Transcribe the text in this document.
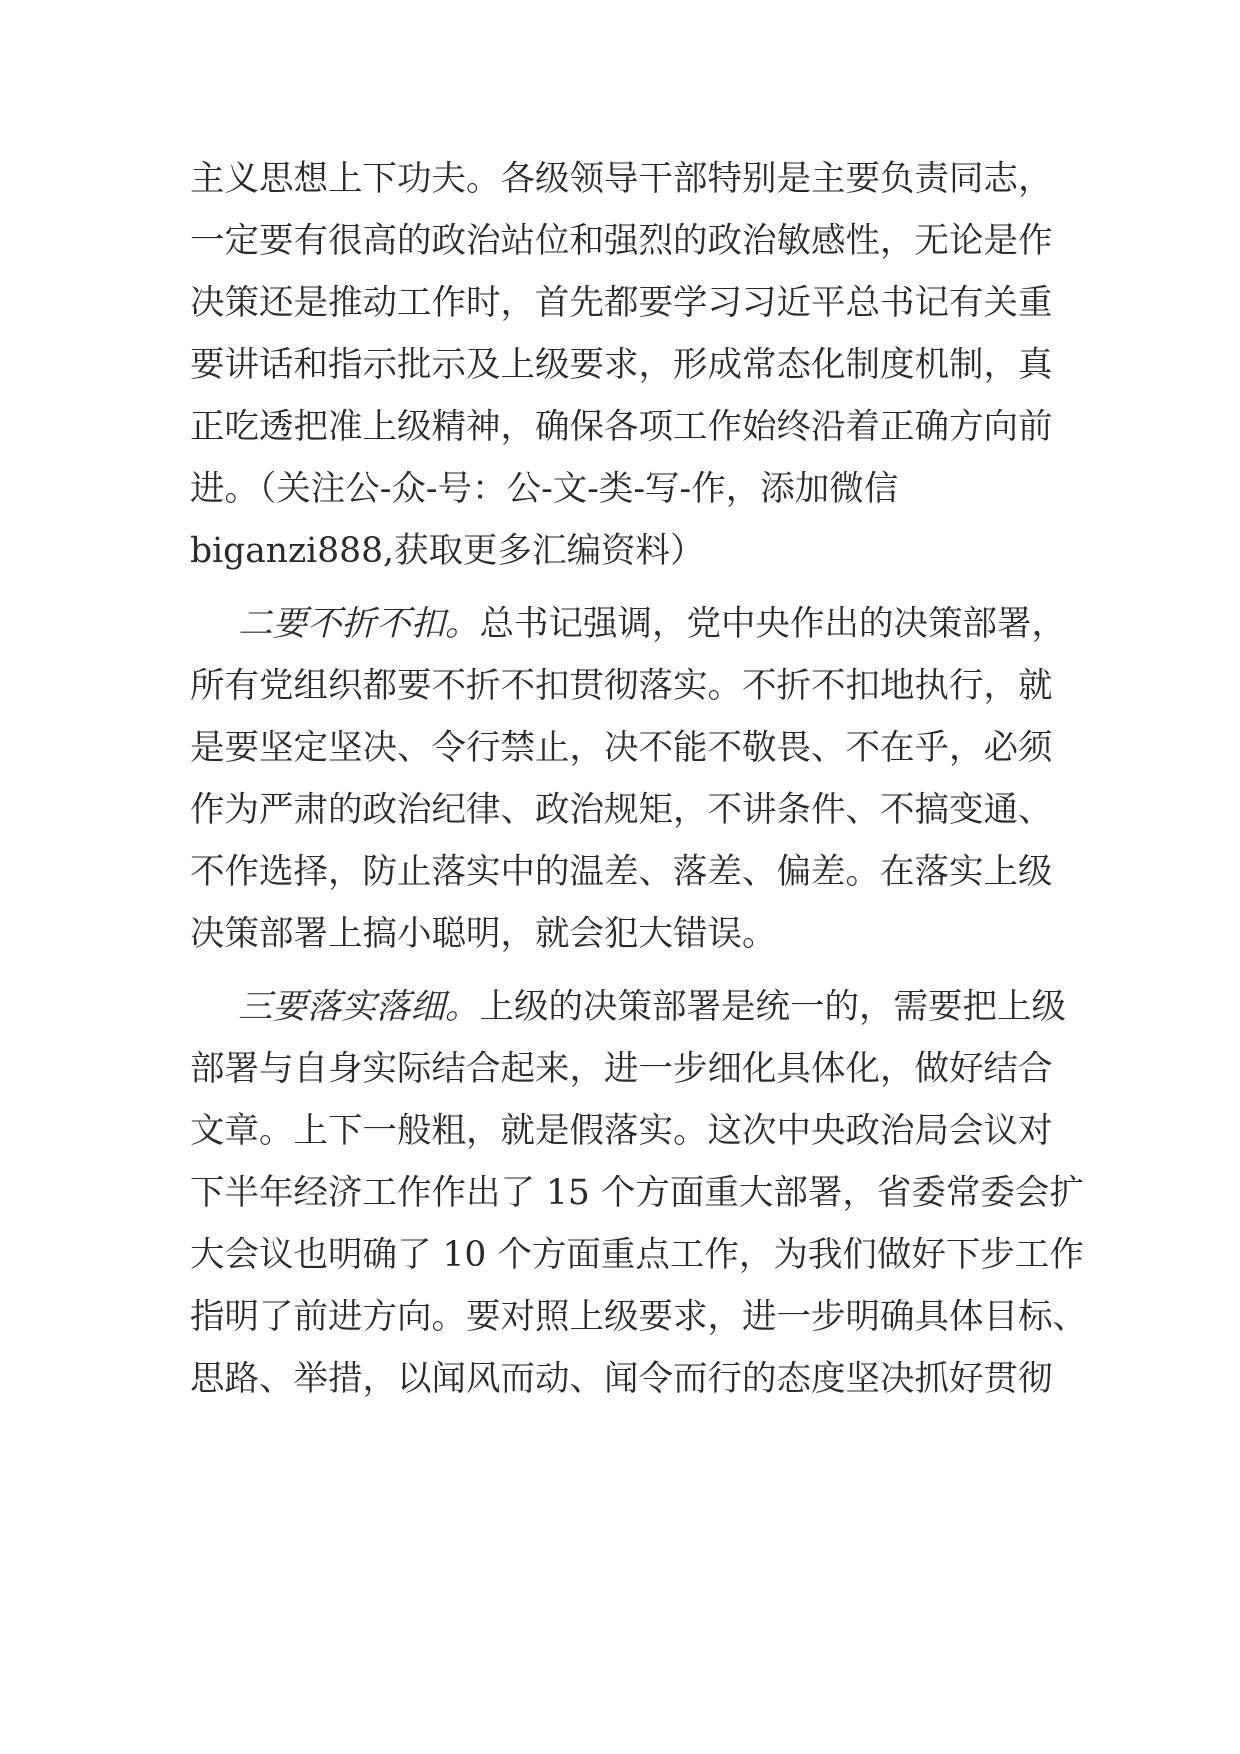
主义思想上下功夫。各级领导干部特别是主要负责同志，
一定要有很高的政治站位和强烈的政治敏感性，无论是作
决策还是推动工作时，首先都要学习习近平总书记有关重
要讲话和指示批示及上级要求，形成常态化制度机制，真
正吃透把准上级精神，确保各项工作始终沿着正确方向前
进。（关注公-众-号：公-文-类-写-作，添加微信
biganzi888,获取更多汇编资料）
二要不折不扣。总书记强调，党中央作出的决策部署，
所有党组织都要不折不扣贯彻落实。不折不扣地执行，就
是要坚定坚决、令行禁止，决不能不敬畏、不在乎，必须
作为严肃的政治纪律、政治规矩，不讲条件、不搞变通、
不作选择，防止落实中的温差、落差、偏差。在落实上级
决策部署上搞小聪明，就会犯大错误。
三要落实落细。上级的决策部署是统一的，需要把上级
部署与自身实际结合起来，进一步细化具体化，做好结合
文章。上下一般粗，就是假落实。这次中央政治局会议对
下半年经济工作作出了 15 个方面重大部署，省委常委会扩
大会议也明确了 10 个方面重点工作，为我们做好下步工作
指明了前进方向。要对照上级要求，进一步明确具体目标、
思路、举措，以闻风而动、闻令而行的态度坚决抓好贯彻
